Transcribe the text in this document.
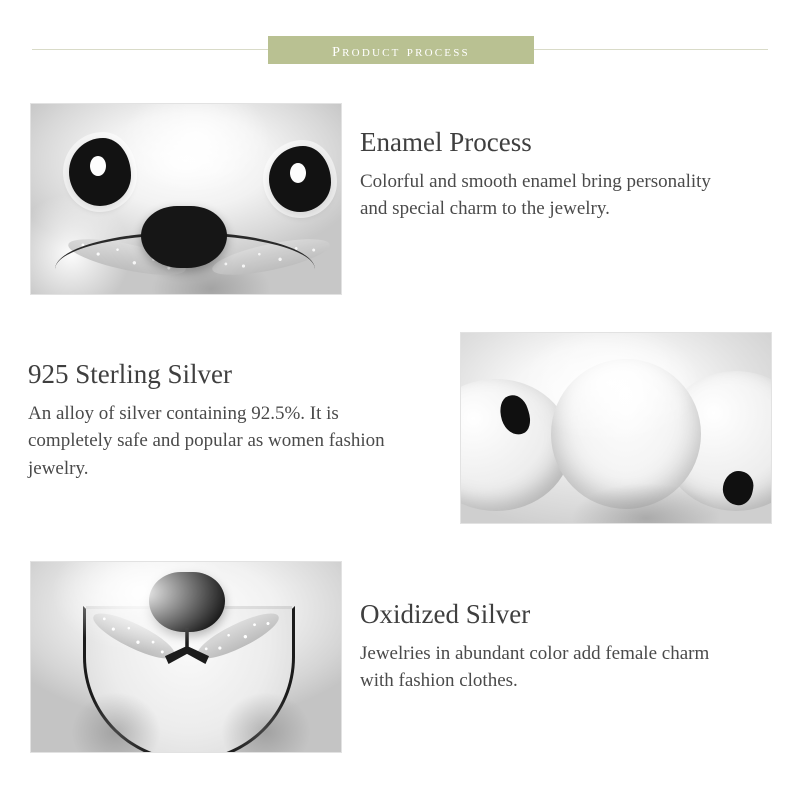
product process
Enamel Process

Colorful and smooth enamel bring personality and special charm to the jewelry.

925 Sterling Silver

An alloy of silver containing 92.5%. It is completely safe and popular as women fashion jewelry.

Oxidized Silver

Jewelries in abundant color add female charm with fashion clothes.
